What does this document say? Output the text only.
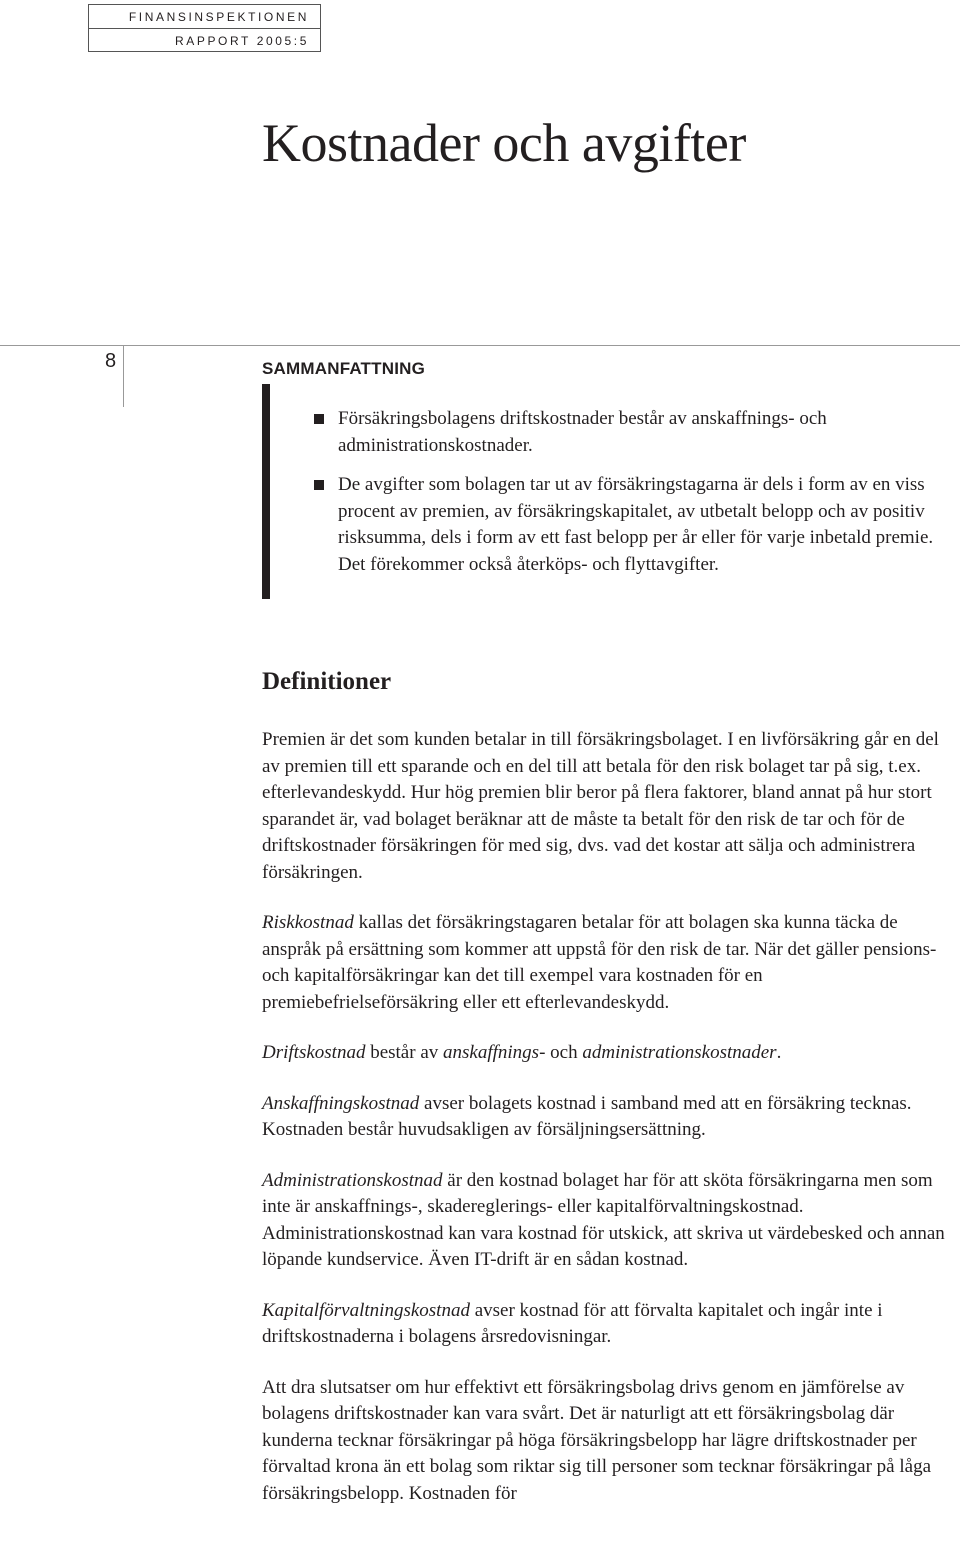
FINANSINSPEKTIONEN
RAPPORT 2005:5
Kostnader och avgifter
8	SAMMANFATTNING
Försäkringsbolagens driftskostnader består av anskaffnings- och administrationskostnader.
De avgifter som bolagen tar ut av försäkringstagarna är dels i form av en viss procent av premien, av försäkringskapitalet, av utbetalt belopp och av positiv risksumma, dels i form av ett fast belopp per år eller för varje inbetald premie. Det förekommer också återköps- och flyttavgifter.
Definitioner

Premien är det som kunden betalar in till försäkringsbolaget. I en livförsäkring går en del av premien till ett sparande och en del till att betala för den risk bolaget tar på sig, t.ex. efterlevandeskydd. Hur hög premien blir beror på flera faktorer, bland annat på hur stort sparandet är, vad bolaget beräknar att de måste ta betalt för den risk de tar och för de driftskostnader försäkringen för med sig, dvs. vad det kostar att sälja och administrera försäkringen.

Riskkostnad kallas det försäkringstagaren betalar för att bolagen ska kunna täcka de anspråk på ersättning som kommer att uppstå för den risk de tar. När det gäller pensions- och kapitalförsäkringar kan det till exempel vara kostnaden för en premiebefrielseförsäkring eller ett efterlevandeskydd.

Driftskostnad består av anskaffnings- och administrationskostnader.

Anskaffningskostnad avser bolagets kostnad i samband med att en försäkring tecknas. Kostnaden består huvudsakligen av försäljningsersättning.

Administrationskostnad är den kostnad bolaget har för att sköta försäkringarna men som inte är anskaffnings-, skadereglerings- eller kapitalförvaltningskostnad. Administrationskostnad kan vara kostnad för utskick, att skriva ut värdebesked och annan löpande kundservice. Även IT-drift är en sådan kostnad.

Kapitalförvaltningskostnad avser kostnad för att förvalta kapitalet och ingår inte i driftskostnaderna i bolagens årsredovisningar.

Att dra slutsatser om hur effektivt ett försäkringsbolag drivs genom en jämförelse av bolagens driftskostnader kan vara svårt. Det är naturligt att ett försäkringsbolag där kunderna tecknar försäkringar på höga försäkringsbelopp har lägre driftskostnader per förvaltad krona än ett bolag som riktar sig till personer som tecknar försäkringar på låga försäkringsbelopp. Kostnaden för
